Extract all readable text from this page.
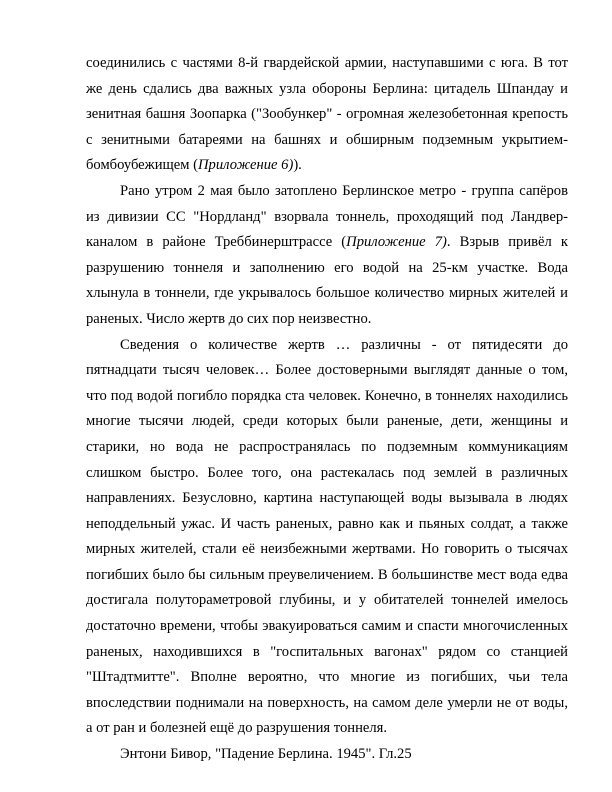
соединились с частями 8-й гвардейской армии, наступавшими с юга. В тот же день сдались два важных узла обороны Берлина: цитадель Шпандау и зенитная башня Зоопарка ("Зообункер" - огромная железобетонная крепость с зенитными батареями на башнях и обширным подземным укрытием-бомбоубежищем (Приложение 6)).

Рано утром 2 мая было затоплено Берлинское метро - группа сапёров из дивизии СС "Нордланд" взорвала тоннель, проходящий под Ландвер-каналом в районе Треббинерштрассе (Приложение 7). Взрыв привёл к разрушению тоннеля и заполнению его водой на 25-км участке. Вода хлынула в тоннели, где укрывалось большое количество мирных жителей и раненых. Число жертв до сих пор неизвестно.

Сведения о количестве жертв … различны - от пятидесяти до пятнадцати тысяч человек… Более достоверными выглядят данные о том, что под водой погибло порядка ста человек. Конечно, в тоннелях находились многие тысячи людей, среди которых были раненые, дети, женщины и старики, но вода не распространялась по подземным коммуникациям слишком быстро. Более того, она растекалась под землей в различных направлениях. Безусловно, картина наступающей воды вызывала в людях неподдельный ужас. И часть раненых, равно как и пьяных солдат, а также мирных жителей, стали её неизбежными жертвами. Но говорить о тысячах погибших было бы сильным преувеличением. В большинстве мест вода едва достигала полутораметровой глубины, и у обитателей тоннелей имелось достаточно времени, чтобы эвакуироваться самим и спасти многочисленных раненых, находившихся в "госпитальных вагонах" рядом со станцией "Штадтмитте". Вполне вероятно, что многие из погибших, чьи тела впоследствии поднимали на поверхность, на самом деле умерли не от воды, а от ран и болезней ещё до разрушения тоннеля.

Энтони Бивор, "Падение Берлина. 1945". Гл.25
